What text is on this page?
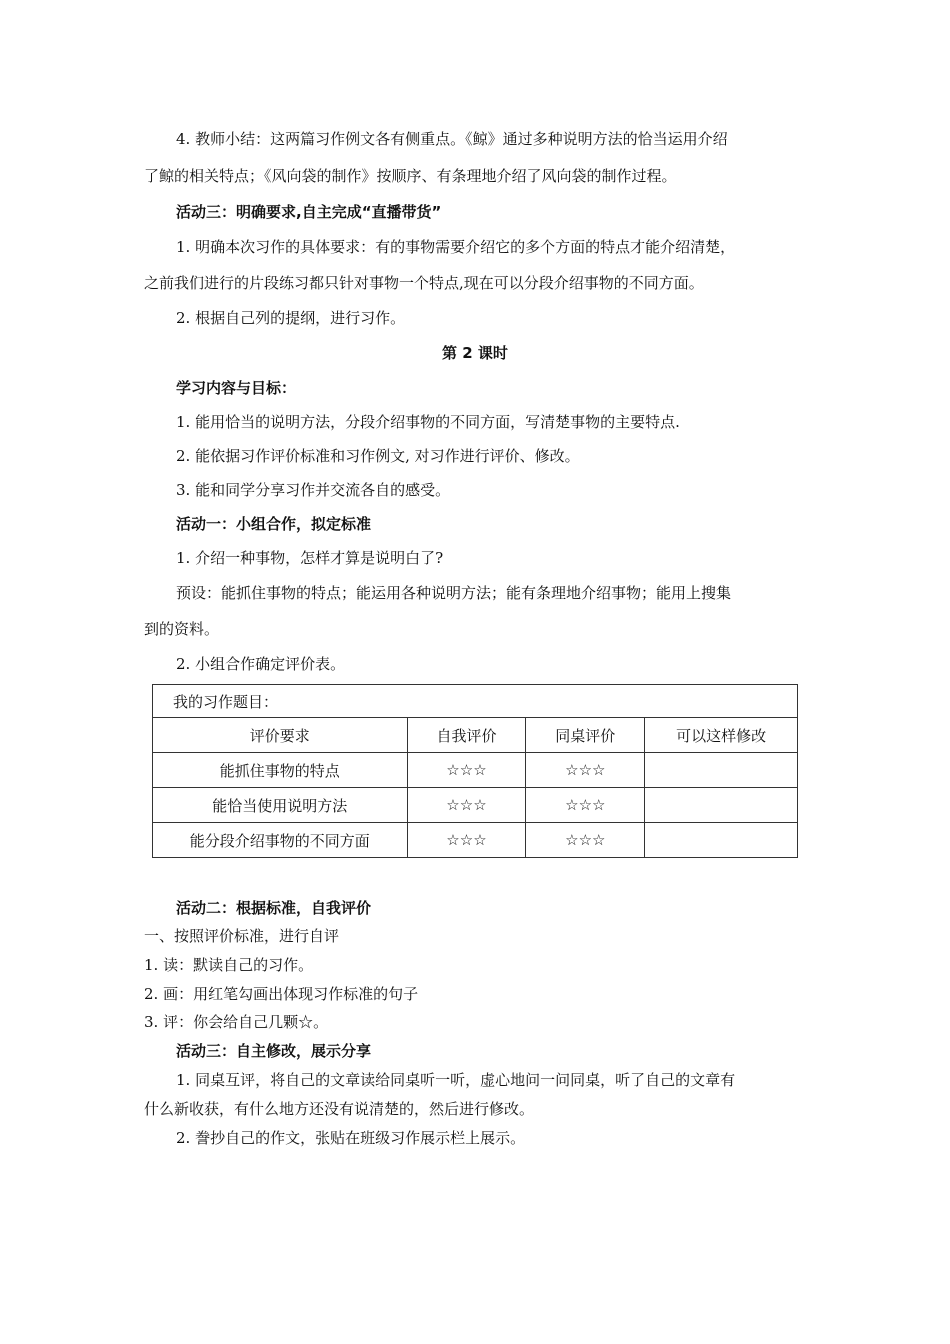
4. 教师小结：这两篇习作例文各有侧重点。《鲸》通过多种说明方法的恰当运用介绍
了鲸的相关特点；《风向袋的制作》按顺序、有条理地介绍了风向袋的制作过程。
活动三：明确要求,自主完成“直播带货”
1. 明确本次习作的具体要求：有的事物需要介绍它的多个方面的特点才能介绍清楚，
之前我们进行的片段练习都只针对事物一个特点,现在可以分段介绍事物的不同方面。
2. 根据自己列的提纲，进行习作。
第 2 课时
学习内容与目标：
1. 能用恰当的说明方法，分段介绍事物的不同方面，写清楚事物的主要特点.
2. 能依据习作评价标准和习作例文, 对习作进行评价、修改。
3. 能和同学分享习作并交流各自的感受。
活动一：小组合作，拟定标准
1. 介绍一种事物，怎样才算是说明白了?
预设：能抓住事物的特点；能运用各种说明方法；能有条理地介绍事物；能用上搜集
到的资料。
2. 小组合作确定评价表。
我的习作题目：			
评价要求	自我评价	同桌评价	可以这样修改
能抓住事物的特点	☆☆☆	☆☆☆	
能恰当使用说明方法	☆☆☆	☆☆☆	
能分段介绍事物的不同方面	☆☆☆	☆☆☆	
活动二：根据标准，自我评价
一、按照评价标准，进行自评
1. 读：默读自己的习作。
2. 画：用红笔勾画出体现习作标准的句子
3. 评：你会给自己几颗☆。
活动三：自主修改，展示分享
1. 同桌互评，将自己的文章读给同桌听一听，虚心地问一问同桌，听了自己的文章有
什么新收获，有什么地方还没有说清楚的，然后进行修改。
2. 誊抄自己的作文，张贴在班级习作展示栏上展示。
